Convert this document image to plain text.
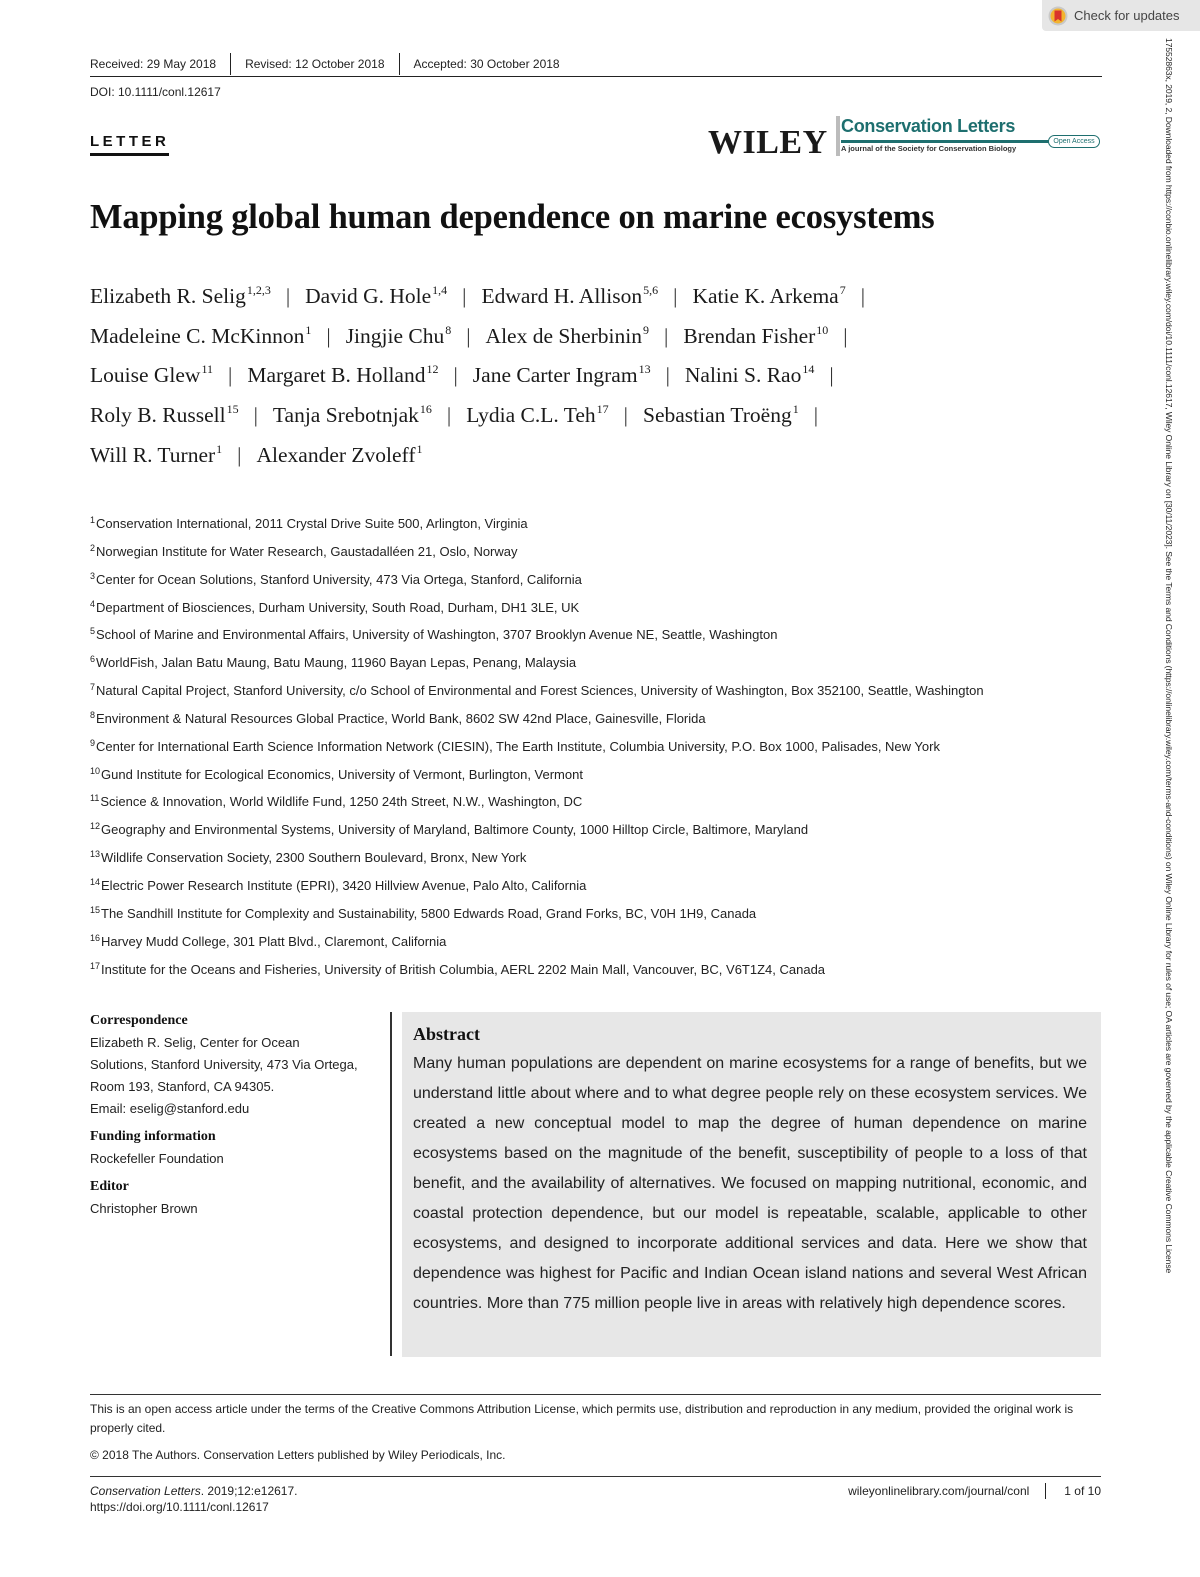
Check for updates
17552863x, 2019, 2, Downloaded from https://conbio.onlinelibrary.wiley.com/doi/10.1111/conl.12617, Wiley Online Library on [30/11/2023]. See the Terms and Conditions (https://onlinelibrary.wiley.com/terms-and-conditions) on Wiley Online Library for rules of use; OA articles are governed by the applicable Creative Commons License
Received: 29 May 2018	Revised: 12 October 2018	Accepted: 30 October 2018
DOI: 10.1111/conl.12617
LETTER	WILEY Conservation Letters
Open Access
A journal of the Society for Conservation Biology
Mapping global human dependence on marine ecosystems
Elizabeth R. Selig$^{1,2,3}$ | David G. Hole$^{1,4}$ | Edward H. Allison$^{5,6}$ | Katie K. Arkema$^7$ |
Madeleine C. McKinnon$^1$ | Jingjie Chu$^8$ | Alex de Sherbinin$^9$ | Brendan Fisher$^{10}$ |
Louise Glew$^{11}$ | Margaret B. Holland$^{12}$ | Jane Carter Ingram$^{13}$ | Nalini S. Rao$^{14}$ |
Roly B. Russell$^{15}$ | Tanja Srebotnjak$^{16}$ | Lydia C.L. Teh$^{17}$ | Sebastian Troëng$^1$ |
Will R. Turner$^1$ | Alexander Zvoleff$^1$
$^1$Conservation International, 2011 Crystal Drive Suite 500, Arlington, Virginia
$^2$Norwegian Institute for Water Research, Gaustadalléen 21, Oslo, Norway
$^3$Center for Ocean Solutions, Stanford University, 473 Via Ortega, Stanford, California
$^4$Department of Biosciences, Durham University, South Road, Durham, DH1 3LE, UK
$^5$School of Marine and Environmental Affairs, University of Washington, 3707 Brooklyn Avenue NE, Seattle, Washington
$^6$WorldFish, Jalan Batu Maung, Batu Maung, 11960 Bayan Lepas, Penang, Malaysia
$^7$Natural Capital Project, Stanford University, c/o School of Environmental and Forest Sciences, University of Washington, Box 352100, Seattle, Washington
$^8$Environment & Natural Resources Global Practice, World Bank, 8602 SW 42nd Place, Gainesville, Florida
$^9$Center for International Earth Science Information Network (CIESIN), The Earth Institute, Columbia University, P.O. Box 1000, Palisades, New York
$^{10}$Gund Institute for Ecological Economics, University of Vermont, Burlington, Vermont
$^{11}$Science & Innovation, World Wildlife Fund, 1250 24th Street, N.W., Washington, DC
$^{12}$Geography and Environmental Systems, University of Maryland, Baltimore County, 1000 Hilltop Circle, Baltimore, Maryland
$^{13}$Wildlife Conservation Society, 2300 Southern Boulevard, Bronx, New York
$^{14}$Electric Power Research Institute (EPRI), 3420 Hillview Avenue, Palo Alto, California
$^{15}$The Sandhill Institute for Complexity and Sustainability, 5800 Edwards Road, Grand Forks, BC, V0H 1H9, Canada
$^{16}$Harvey Mudd College, 301 Platt Blvd., Claremont, California
$^{17}$Institute for the Oceans and Fisheries, University of British Columbia, AERL 2202 Main Mall, Vancouver, BC, V6T1Z4, Canada
Correspondence
Elizabeth R. Selig, Center for Ocean
Solutions, Stanford University, 473 Via Ortega,
Room 193, Stanford, CA 94305.
Email: eselig@stanford.edu
Funding information
Rockefeller Foundation
Editor
Christopher Brown
Abstract
Many human populations are dependent on marine ecosystems for a range of benefits, but we understand little about where and to what degree people rely on these ecosystem services. We created a new conceptual model to map the degree of human dependence on marine ecosystems based on the magnitude of the benefit, susceptibility of people to a loss of that benefit, and the availability of alternatives. We focused on mapping nutritional, economic, and coastal protection dependence, but our model is repeatable, scalable, applicable to other ecosystems, and designed to incorporate additional services and data. Here we show that dependence was highest for Pacific and Indian Ocean island nations and several West African countries. More than 775 million people live in areas with relatively high dependence scores.
This is an open access article under the terms of the Creative Commons Attribution License, which permits use, distribution and reproduction in any medium, provided the original work is properly cited.
© 2018 The Authors. Conservation Letters published by Wiley Periodicals, Inc.
Conservation Letters. 2019;12:e12617.
https://doi.org/10.1111/conl.12617
wileyonlinelibrary.com/journal/conl	1 of 10
